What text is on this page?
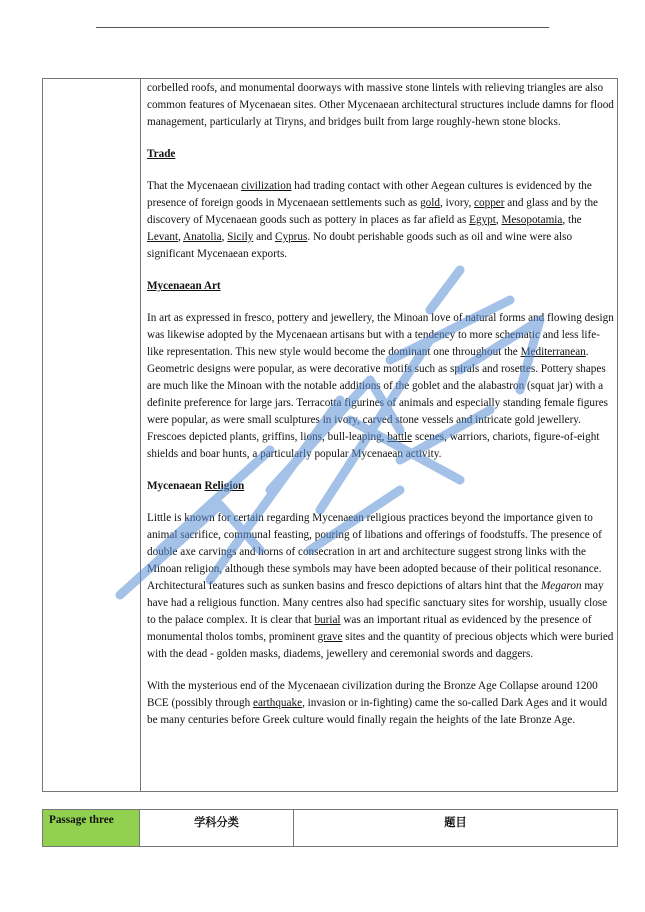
corbelled roofs, and monumental doorways with massive stone lintels with relieving triangles are also common features of Mycenaean sites. Other Mycenaean architectural structures include damns for flood management, particularly at Tiryns, and bridges built from large roughly-hewn stone blocks.

Trade

That the Mycenaean civilization had trading contact with other Aegean cultures is evidenced by the presence of foreign goods in Mycenaean settlements such as gold, ivory, copper and glass and by the discovery of Mycenaean goods such as pottery in places as far afield as Egypt, Mesopotamia, the Levant, Anatolia, Sicily and Cyprus. No doubt perishable goods such as oil and wine were also significant Mycenaean exports.

Mycenaean Art

In art as expressed in fresco, pottery and jewellery, the Minoan love of natural forms and flowing design was likewise adopted by the Mycenaean artisans but with a tendency to more schematic and less life-like representation. This new style would become the dominant one throughout the Mediterranean. Geometric designs were popular, as were decorative motifs such as spirals and rosettes. Pottery shapes are much like the Minoan with the notable additions of the goblet and the alabastron (squat jar) with a definite preference for large jars. Terracotta figurines of animals and especially standing female figures were popular, as were small sculptures in ivory, carved stone vessels and intricate gold jewellery. Frescoes depicted plants, griffins, lions, bull-leaping, battle scenes, warriors, chariots, figure-of-eight shields and boar hunts, a particularly popular Mycenaean activity.

Mycenaean Religion

Little is known for certain regarding Mycenaean religious practices beyond the importance given to animal sacrifice, communal feasting, pouring of libations and offerings of foodstuffs. The presence of double axe carvings and horns of consecration in art and architecture suggest strong links with the Minoan religion, although these symbols may have been adopted because of their political resonance. Architectural features such as sunken basins and fresco depictions of altars hint that the Megaron may have had a religious function. Many centres also had specific sanctuary sites for worship, usually close to the palace complex. It is clear that burial was an important ritual as evidenced by the presence of monumental tholos tombs, prominent grave sites and the quantity of precious objects which were buried with the dead - golden masks, diadems, jewellery and ceremonial swords and daggers.

With the mysterious end of the Mycenaean civilization during the Bronze Age Collapse around 1200 BCE (possibly through earthquake, invasion or in-fighting) came the so-called Dark Ages and it would be many centuries before Greek culture would finally regain the heights of the late Bronze Age.

Passage three	学科分类	题目
